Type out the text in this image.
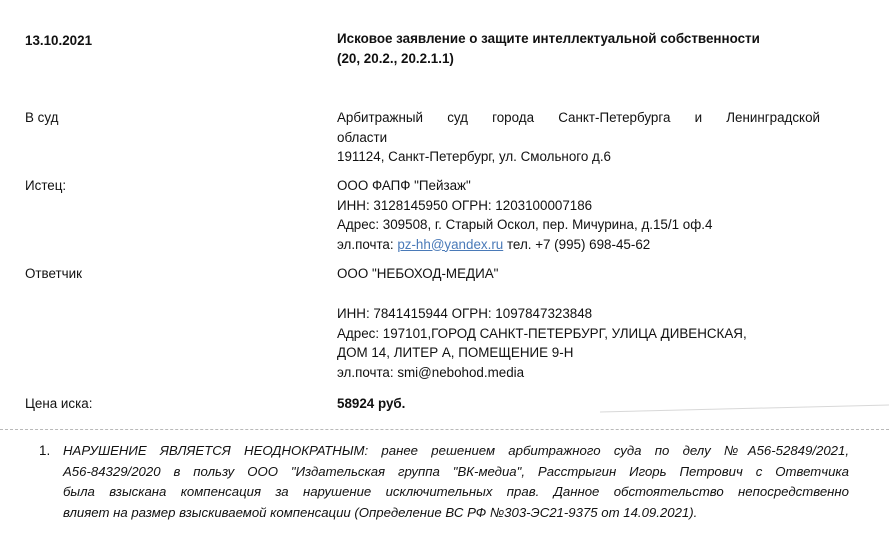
13.10.2021	Исковое заявление о защите интеллектуальной собственности
(20, 20.2., 20.2.1.1)
В суд	Арбитражный суд города Санкт-Петербурга и Ленинградской
области
191124, Санкт-Петербург, ул. Смольного д.6
Истец:	ООО ФАПФ "Пейзаж"
ИНН: 3128145950 ОГРН: 1203100007186
Адрес: 309508, г. Старый Оскол, пер. Мичурина, д.15/1 оф.4
эл.почта: pz-hh@yandex.ru тел. +7 (995) 698-45-62
Ответчик	ООО "НЕБОХОД-МЕДИА"
ИНН: 7841415944 ОГРН: 1097847323848
Адрес: 197101,ГОРОД САНКТ-ПЕТЕРБУРГ, УЛИЦА ДИВЕНСКАЯ,
ДОМ 14, ЛИТЕР А, ПОМЕЩЕНИЕ 9-Н
эл.почта: smi@nebohod.media
Цена иска:	58924 руб.
1. НАРУШЕНИЕ ЯВЛЯЕТСЯ НЕОДНОКРАТНЫМ: ранее решением арбитражного суда по делу №А56-52849/2021,
А56-84329/2020 в пользу ООО "Издательская группа "ВК-медиа", Расстрыгин Игорь Петрович с Ответчика
была взыскана компенсация за нарушение исключительных прав. Данное обстоятельство непосредственно
влияет на размер взыскиваемой компенсации (Определение ВС РФ №303-ЭС21-9375 от 14.09.2021).
